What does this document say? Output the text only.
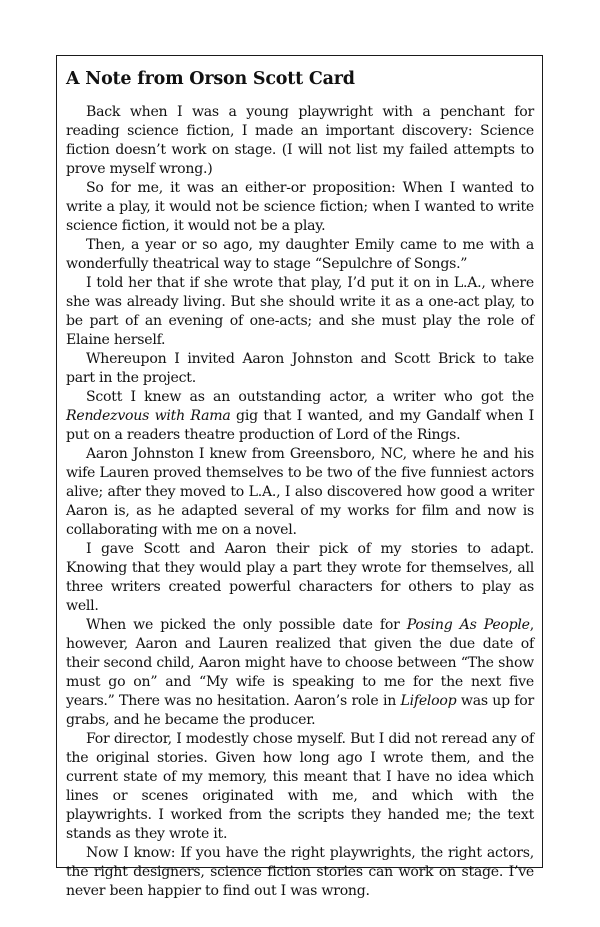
A Note from Orson Scott Card

Back when I was a young playwright with a penchant for reading science fiction, I made an important discovery: Science fiction doesn’t work on stage. (I will not list my failed attempts to prove myself wrong.)

So for me, it was an either-or proposition: When I wanted to write a play, it would not be science fiction; when I wanted to write science fiction, it would not be a play.

Then, a year or so ago, my daughter Emily came to me with a wonderfully theatrical way to stage “Sepulchre of Songs.”

I told her that if she wrote that play, I’d put it on in L.A., where she was already living. But she should write it as a one-act play, to be part of an evening of one-acts; and she must play the role of Elaine herself.

Whereupon I invited Aaron Johnston and Scott Brick to take part in the project.

Scott I knew as an outstanding actor, a writer who got the Rendezvous with Rama gig that I wanted, and my Gandalf when I put on a readers theatre production of Lord of the Rings.

Aaron Johnston I knew from Greensboro, NC, where he and his wife Lauren proved themselves to be two of the five funniest actors alive; after they moved to L.A., I also discovered how good a writer Aaron is, as he adapted several of my works for film and now is collaborating with me on a novel.

I gave Scott and Aaron their pick of my stories to adapt. Knowing that they would play a part they wrote for themselves, all three writers created powerful characters for others to play as well.

When we picked the only possible date for Posing As People, however, Aaron and Lauren realized that given the due date of their second child, Aaron might have to choose between “The show must go on” and “My wife is speaking to me for the next five years.” There was no hesitation. Aaron’s role in Lifeloop was up for grabs, and he became the producer.

For director, I modestly chose myself. But I did not reread any of the original stories. Given how long ago I wrote them, and the current state of my memory, this meant that I have no idea which lines or scenes originated with me, and which with the playwrights. I worked from the scripts they handed me; the text stands as they wrote it.

Now I know: If you have the right playwrights, the right actors, the right designers, science fiction stories can work on stage. I’ve never been happier to find out I was wrong.
